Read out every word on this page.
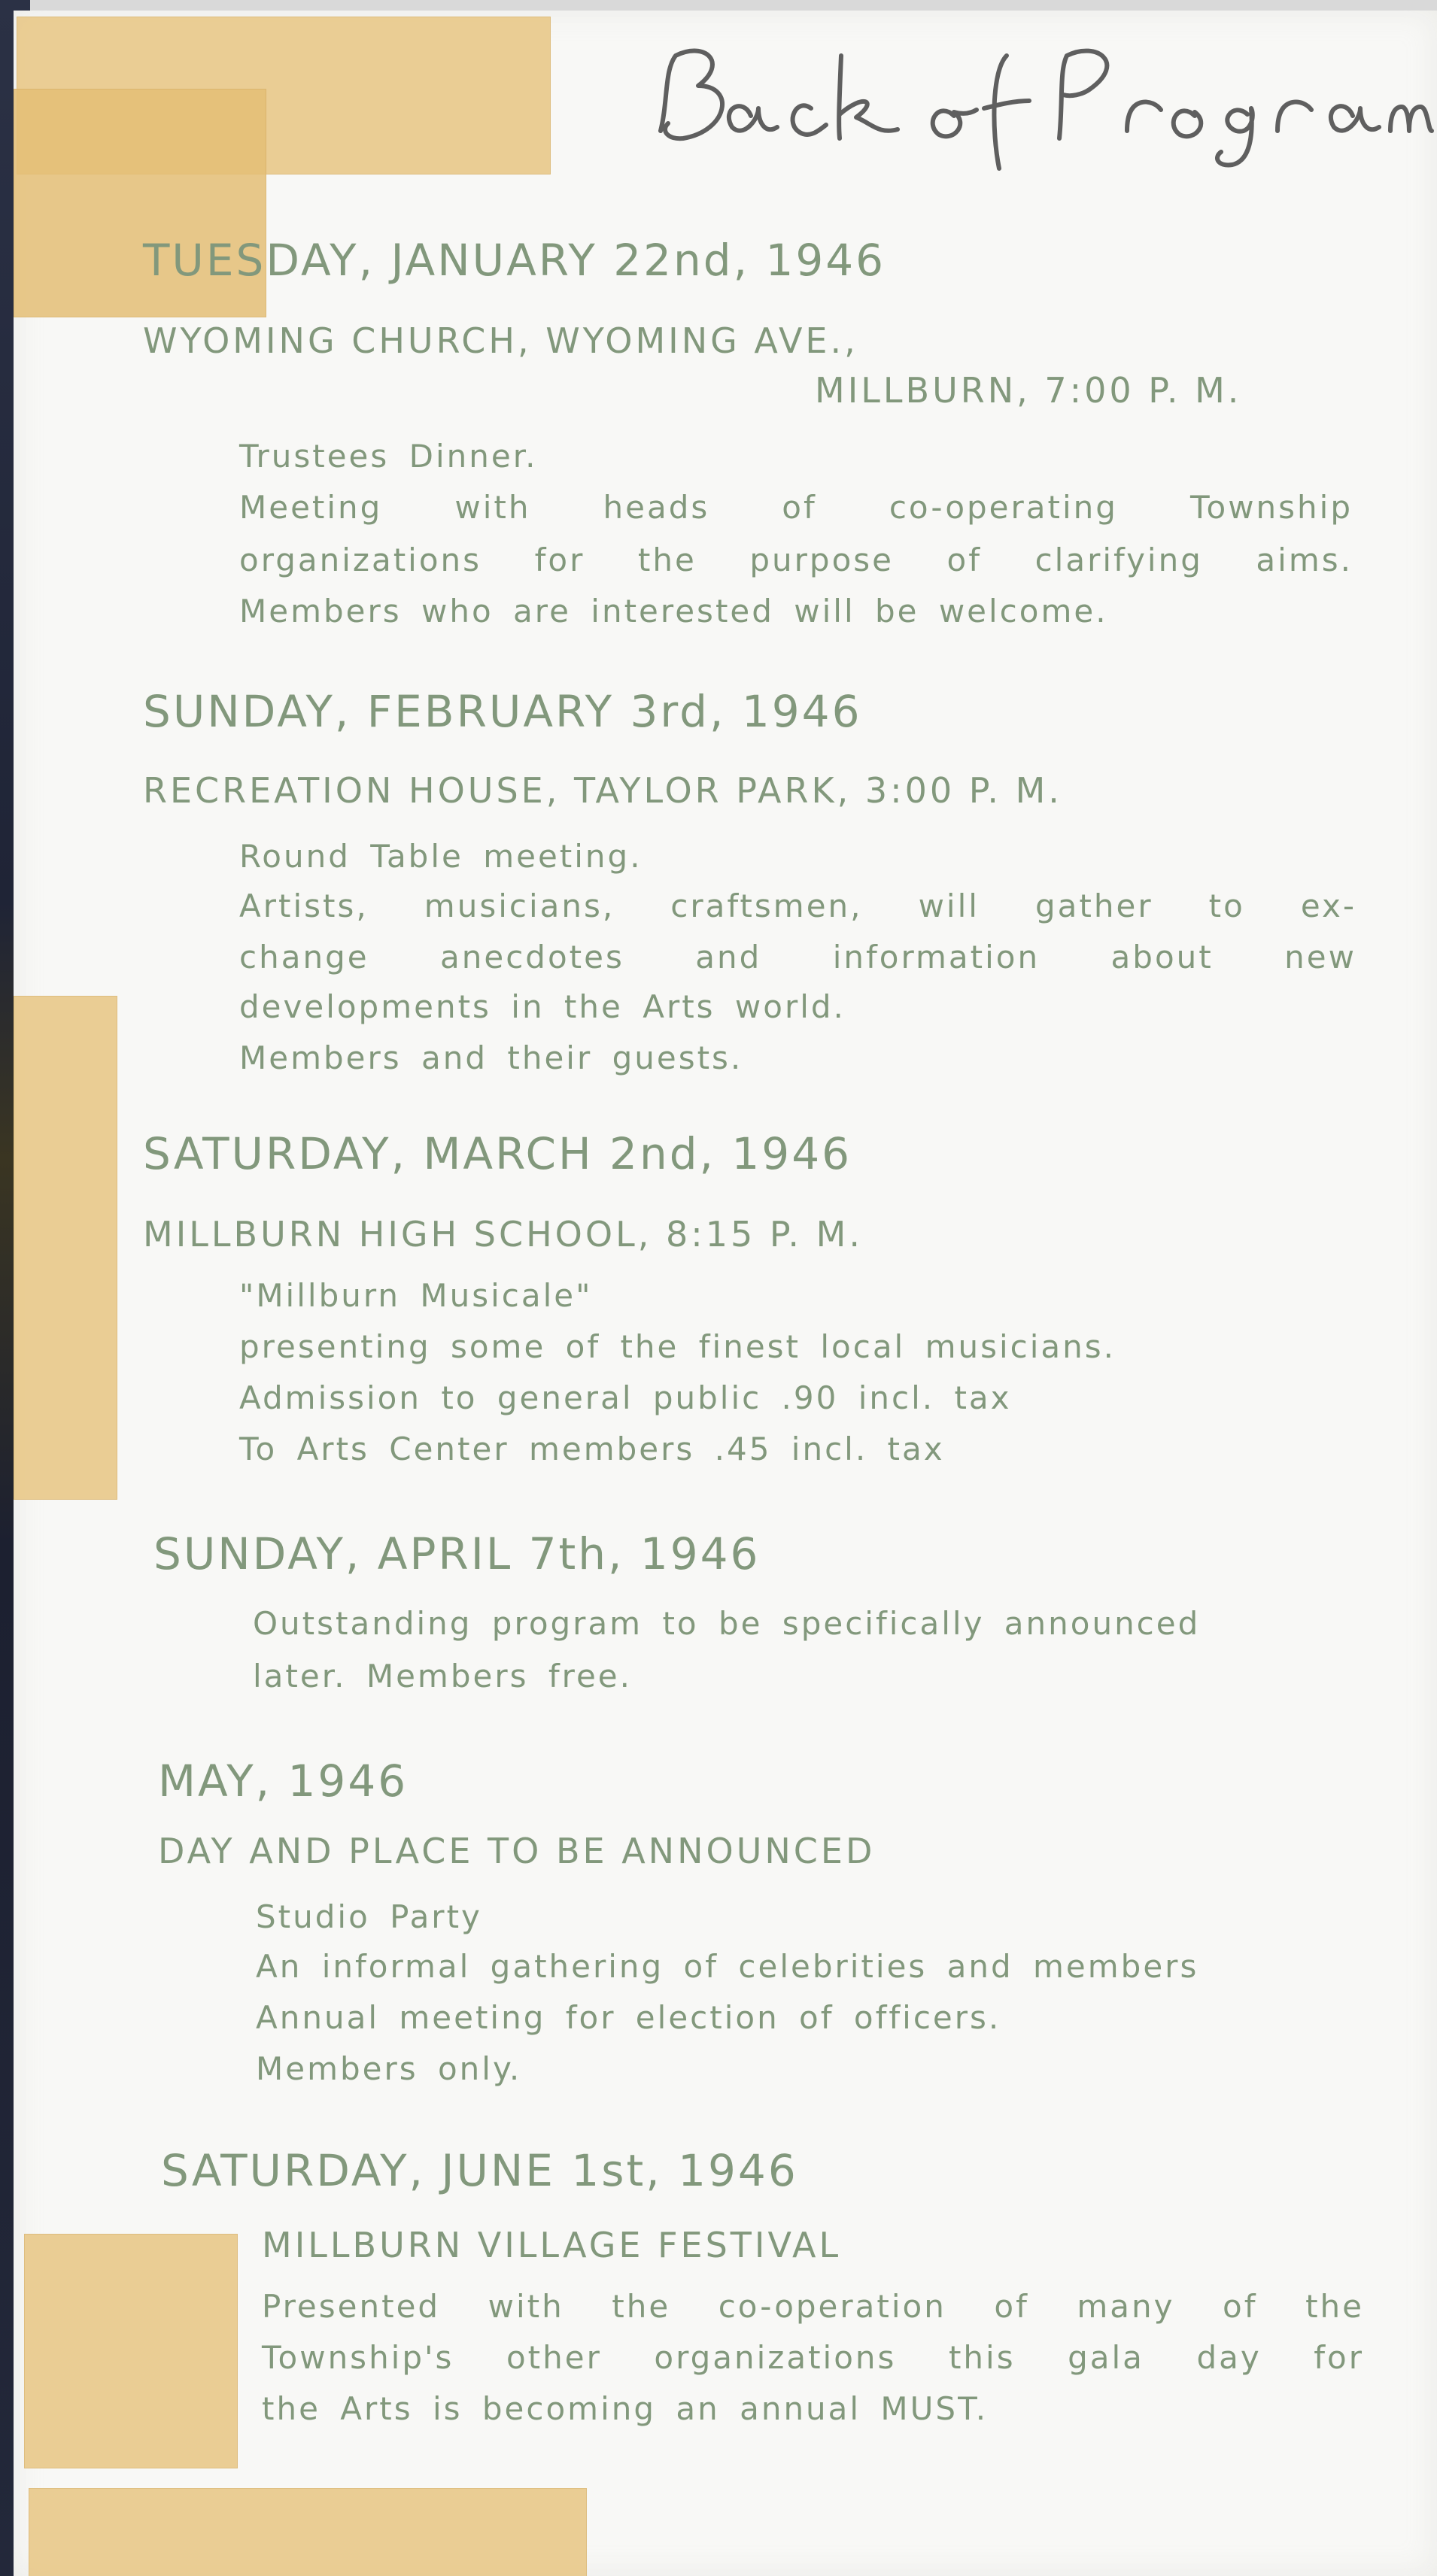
TUESDAY, JANUARY 22nd, 1946
WYOMING CHURCH, WYOMING AVE.,
MILLBURN, 7:00 P. M.
Trustees Dinner.
Meeting with heads of co-operating Township
organizations for the purpose of clarifying aims.
Members who are interested will be welcome.
SUNDAY, FEBRUARY 3rd, 1946
RECREATION HOUSE, TAYLOR PARK, 3:00 P. M.
Round Table meeting.
Artists, musicians, craftsmen, will gather to ex-
change anecdotes and information about new
developments in the Arts world.
Members and their guests.
SATURDAY, MARCH 2nd, 1946
MILLBURN HIGH SCHOOL, 8:15 P. M.
"Millburn Musicale"
presenting some of the finest local musicians.
Admission to general public .90 incl. tax
To Arts Center members .45 incl. tax
SUNDAY, APRIL 7th, 1946
Outstanding program to be specifically announced
later. Members free.
MAY, 1946
DAY AND PLACE TO BE ANNOUNCED
Studio Party
An informal gathering of celebrities and members
Annual meeting for election of officers.
Members only.
SATURDAY, JUNE 1st, 1946
MILLBURN VILLAGE FESTIVAL
Presented with the co-operation of many of the
Township's other organizations this gala day for
the Arts is becoming an annual MUST.
